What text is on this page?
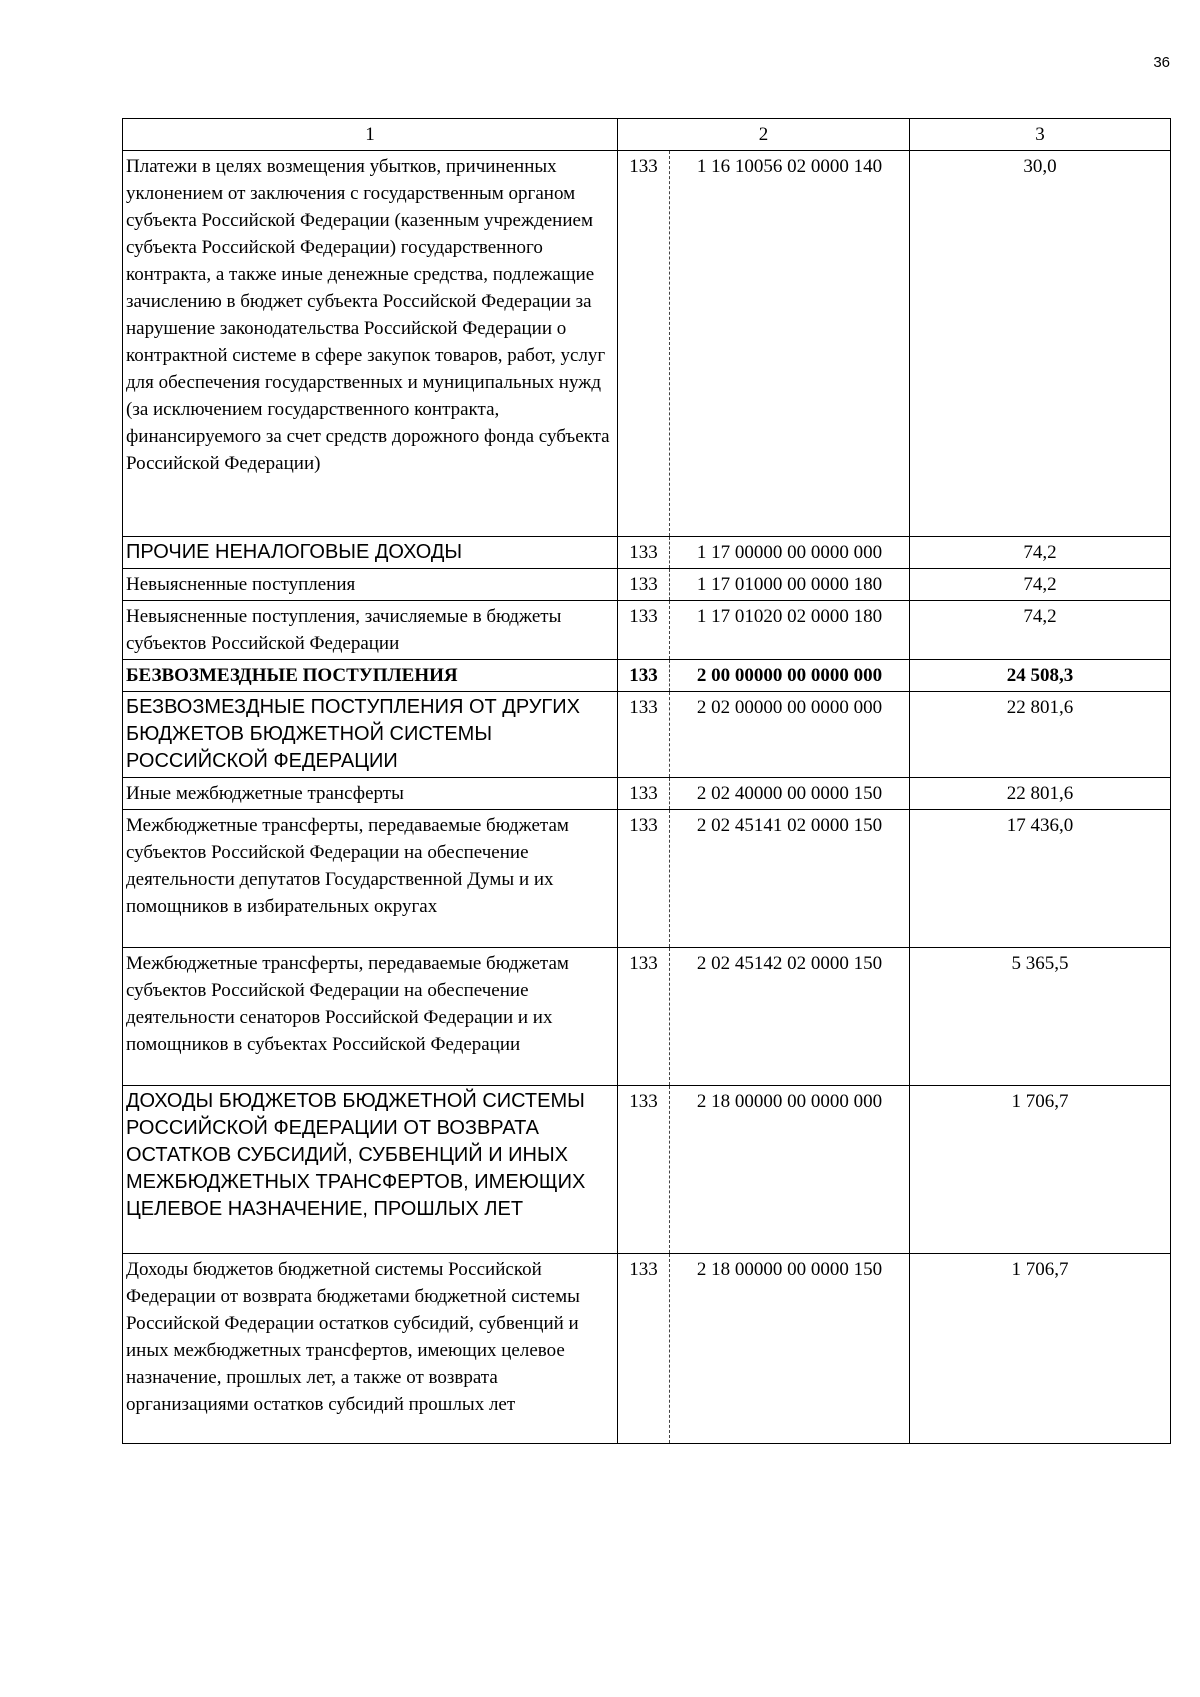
36
1	2		3
Платежи в целях возмещения убытков, причиненных уклонением от заключения с государственным органом субъекта Российской Федерации (казенным учреждением субъекта Российской Федерации) государственного контракта, а также иные денежные средства, подлежащие зачислению в бюджет субъекта Российской Федерации за нарушение законодательства Российской Федерации о контрактной системе в сфере закупок товаров, работ, услуг для обеспечения государственных и муниципальных нужд (за исключением государственного контракта, финансируемого за счет средств дорожного фонда субъекта Российской Федерации)	133	1 16 10056 02 0000 140	30,0
ПРОЧИЕ НЕНАЛОГОВЫЕ ДОХОДЫ	133	1 17 00000 00 0000 000	74,2
Невыясненные поступления	133	1 17 01000 00 0000 180	74,2
Невыясненные поступления, зачисляемые в бюджеты субъектов Российской Федерации	133	1 17 01020 02 0000 180	74,2
БЕЗВОЗМЕЗДНЫЕ ПОСТУПЛЕНИЯ	133	2 00 00000 00 0000 000	24 508,3
БЕЗВОЗМЕЗДНЫЕ ПОСТУПЛЕНИЯ ОТ ДРУГИХ БЮДЖЕТОВ БЮДЖЕТНОЙ СИСТЕМЫ РОССИЙСКОЙ ФЕДЕРАЦИИ	133	2 02 00000 00 0000 000	22 801,6
Иные межбюджетные трансферты	133	2 02 40000 00 0000 150	22 801,6
Межбюджетные трансферты, передаваемые бюджетам субъектов Российской Федерации на обеспечение деятельности депутатов Государственной Думы и их помощников в избирательных округах	133	2 02 45141 02 0000 150	17 436,0
Межбюджетные трансферты, передаваемые бюджетам субъектов Российской Федерации на обеспечение деятельности сенаторов Российской Федерации и их помощников в субъектах Российской Федерации	133	2 02 45142 02 0000 150	5 365,5
ДОХОДЫ БЮДЖЕТОВ БЮДЖЕТНОЙ СИСТЕМЫ РОССИЙСКОЙ ФЕДЕРАЦИИ ОТ ВОЗВРАТА ОСТАТКОВ СУБСИДИЙ, СУБВЕНЦИЙ И ИНЫХ МЕЖБЮДЖЕТНЫХ ТРАНСФЕРТОВ, ИМЕЮЩИХ ЦЕЛЕВОЕ НАЗНАЧЕНИЕ, ПРОШЛЫХ ЛЕТ	133	2 18 00000 00 0000 000	1 706,7
Доходы бюджетов бюджетной системы Российской Федерации от возврата бюджетами бюджетной системы Российской Федерации остатков субсидий, субвенций и иных межбюджетных трансфертов, имеющих целевое назначение, прошлых лет, а также от возврата организациями остатков субсидий прошлых лет	133	2 18 00000 00 0000 150	1 706,7
